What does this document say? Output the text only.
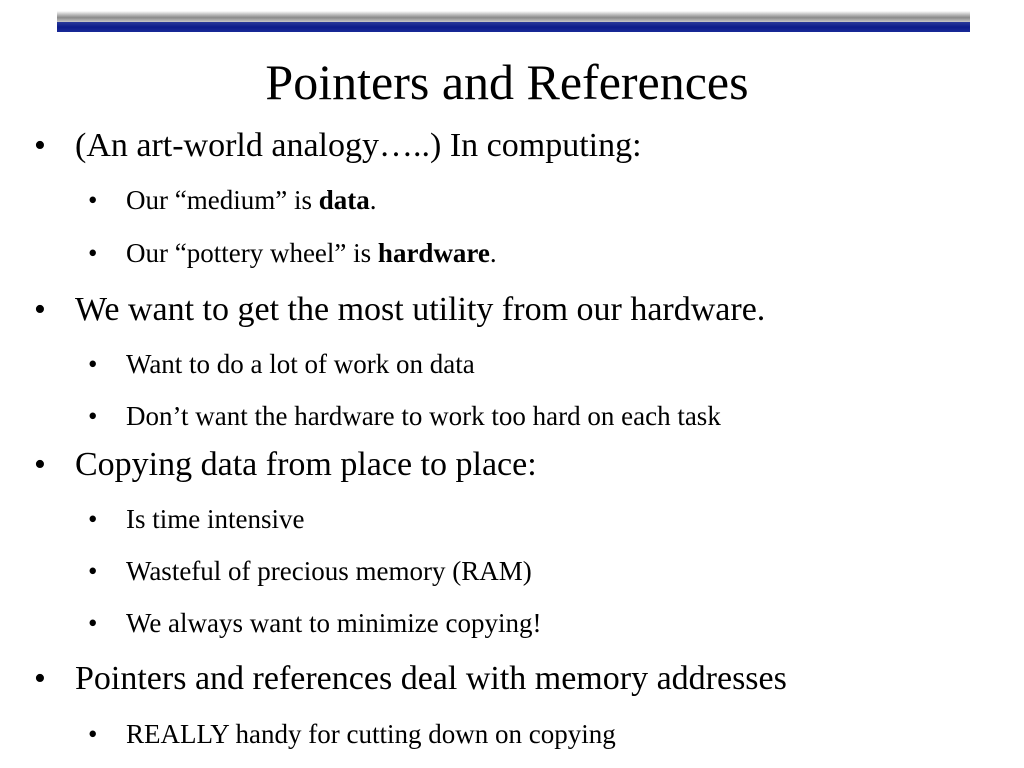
Pointers and References
• (An art-world analogy…..) In computing:
• Our “medium” is data.
• Our “pottery wheel” is hardware.
• We want to get the most utility from our hardware.
• Want to do a lot of work on data
• Don’t want the hardware to work too hard on each task
• Copying data from place to place:
• Is time intensive
• Wasteful of precious memory (RAM)
• We always want to minimize copying!
• Pointers and references deal with memory addresses
• REALLY handy for cutting down on copying
